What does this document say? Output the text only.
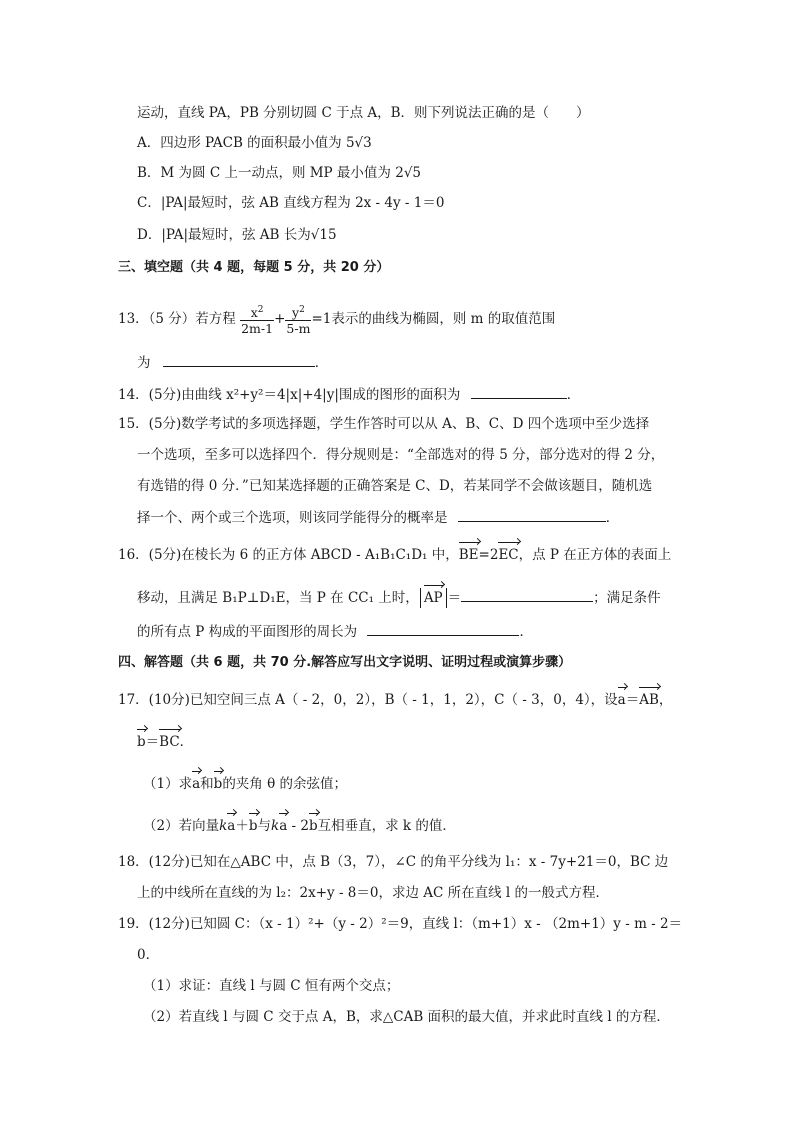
运动，直线 PA，PB 分别切圆 C 于点 A，B．则下列说法正确的是（　　）
A．四边形 PACB 的面积最小值为 5√3
B．M 为圆 C 上一动点，则 MP 最小值为 2√5
C．|PA|最短时，弦 AB 直线方程为 2x - 4y - 1＝0
D．|PA|最短时，弦 AB 长为√15
三、填空题（共 4 题，每题 5 分，共 20 分）
13．（5 分）若方程 $\frac{x^2}{2m-1} + \frac{y^2}{5-m} =1$表示的曲线为椭圆，则 m 的取值范围
为	．
14．(5分)由曲线 x²+y²＝4|x|+4|y|围成的图形的面积为	．
15．(5分)数学考试的多项选择题，学生作答时可以从 A、B、C、D 四个选项中至少选择
一个选项，至多可以选择四个．得分规则是：“全部选对的得 5 分，部分选对的得 2 分，
有选错的得 0 分．”已知某选择题的正确答案是 C、D，若某同学不会做该题目，随机选
择一个、两个或三个选项，则该同学能得分的概率是	．
16．(5分)在棱长为 6 的正方体 ABCD - A₁B₁C₁D₁ 中，BE=2EC，点 P 在正方体的表面上
移动，且满足 B₁P⊥D₁E，当 P 在 CC₁ 上时， AP ＝	；满足条件
的所有点 P 构成的平面图形的周长为	．
四、解答题（共 6 题，共 70 分.解答应写出文字说明、证明过程或演算步骤）
17．(10分)已知空间三点 A（ - 2，0，2），B（ - 1，1，2），C（ - 3，0，4），设a＝AB，
b＝BC．
（1）求a和b的夹角 θ 的余弦值；
（2）若向量ka＋b与ka - 2b互相垂直，求 k 的值．
18．(12分)已知在△ABC 中，点 B（3，7），∠C 的角平分线为 l₁：x - 7y+21＝0，BC 边
上的中线所在直线的为 l₂：2x+y - 8＝0，求边 AC 所在直线 l 的一般式方程．
19．(12分)已知圆 C：（x - 1）²+（y - 2）²＝9，直线 l：（m+1）x - （2m+1）y - m - 2＝
0．
（1）求证：直线 l 与圆 C 恒有两个交点；
（2）若直线 l 与圆 C 交于点 A，B，求△CAB 面积的最大值，并求此时直线 l 的方程．
